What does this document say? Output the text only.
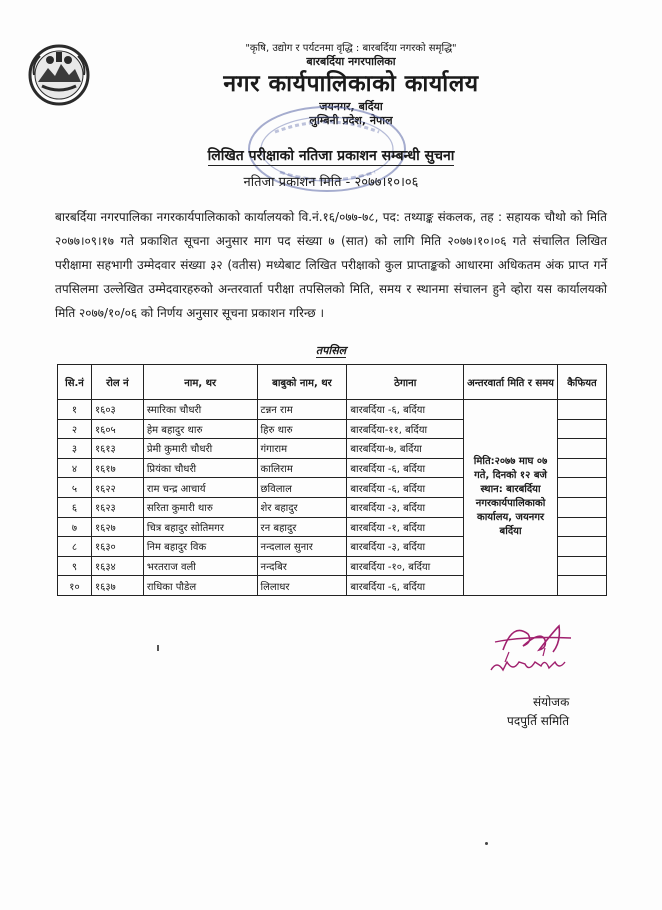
"कृषि, उद्योग र पर्यटनमा वृद्धि : बारबर्दिया नगरको समृद्धि"
बारबर्दिया नगरपालिका
नगर कार्यपालिकाको कार्यालय
जयनगर, बर्दिया
लुम्बिनी प्रदेश, नेपाल
लिखित परीक्षाको नतिजा प्रकाशन सम्बन्धी सुचना
नतिजा प्रकाशन मिति - २०७७।१०।०६
बारबर्दिया नगरपालिका नगरकार्यपालिकाको कार्यालयको वि.नं.१६/०७७-७८, पद: तथ्याङ्क संकलक, तह : सहायक चौथो को मिति २०७७।०९।१७ गते प्रकाशित सूचना अनुसार माग पद संख्या ७ (सात) को लागि मिति २०७७।१०।०६ गते संचालित लिखित परीक्षामा सहभागी उम्मेदवार संख्या ३२ (वतीस) मध्येबाट लिखित परीक्षाको कुल प्राप्ताङ्कको आधारमा अधिकतम अंक प्राप्त गर्ने तपसिलमा उल्लेखित उम्मेदवारहरुको अन्तरवार्ता परीक्षा तपसिलको मिति, समय र स्थानमा संचालन हुने व्होरा यस कार्यालयको मिति २०७७/१०/०६ को निर्णय अनुसार सूचना प्रकाशन गरिन्छ ।
तपसिल
सि.नं	रोल नं	नाम, थर	बाबुको नाम, थर	ठेगाना	अन्तरवार्ता मिति र समय	कैफियत
१	१६०३	स्मारिका चौधरी	टन्नन राम	बारबर्दिया -६, बर्दिया	मिति:२०७७ माघ ०७ गते, दिनको १२ बजे स्थान: बारबर्दिया नगरकार्यपालिकाको कार्यालय, जयनगर बर्दिया	
२	१६०५	हेम बहादुर थारु	हिरु थारु	बारबर्दिया-११, बर्दिया		
३	१६१३	प्रेमी कुमारी चौधरी	गंगाराम	बारबर्दिया-७, बर्दिया		
४	१६१७	प्रियंका चौधरी	कालिराम	बारबर्दिया -६, बर्दिया		
५	१६२२	राम चन्द्र आचार्य	छविलाल	बारबर्दिया -६, बर्दिया		
६	१६२३	सरिता कुमारी थारु	शेर बहादुर	बारबर्दिया -३, बर्दिया		
७	१६२७	चित्र बहादुर सोतिमगर	रन बहादुर	बारबर्दिया -१, बर्दिया		
८	१६३०	निम बहादुर विक	नन्दलाल सुनार	बारबर्दिया -३, बर्दिया		
९	१६३४	भरतराज वली	नन्दबिर	बारबर्दिया -१०, बर्दिया		
१०	१६३७	राधिका पौडेल	लिलाधर	बारबर्दिया -६, बर्दिया		
संयोजक
पदपुर्ति समिति
